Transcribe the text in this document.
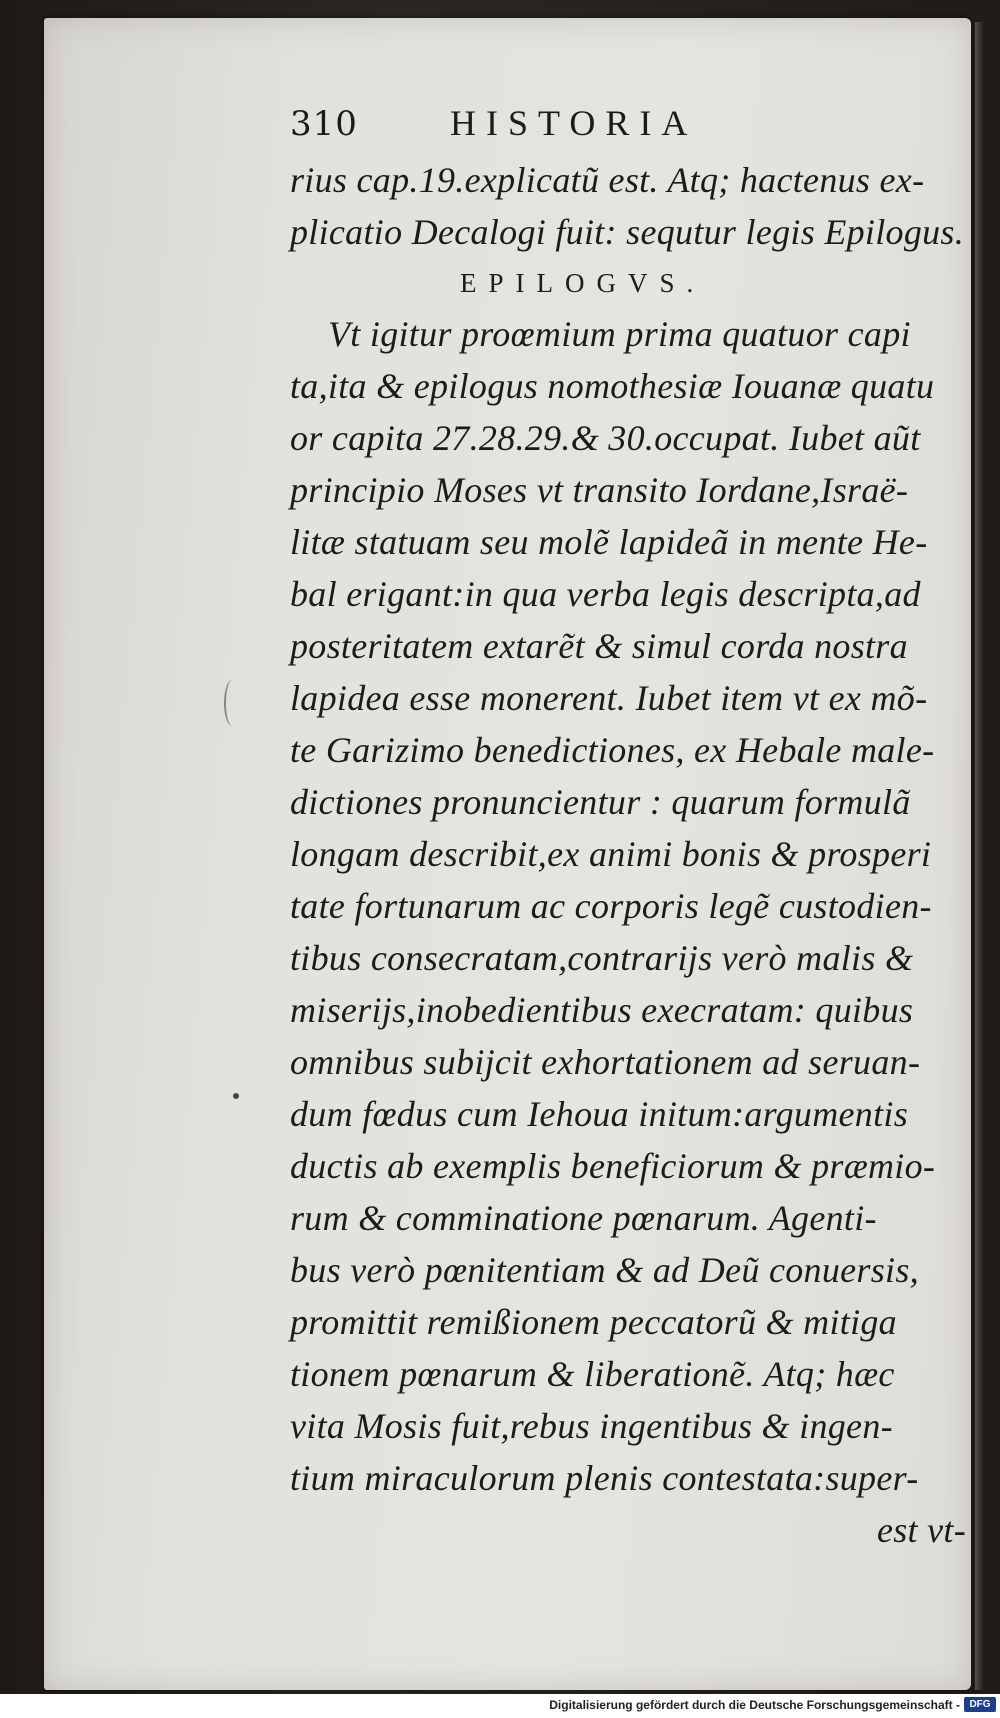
310	HISTORIA
rius cap.19.explicatũ est. Atq; hactenus ex-
plicatio Decalogi fuit: sequtur legis Epilogus.
EPILOGVS.
Vt igitur proœmium prima quatuor capi
ta,ita & epilogus nomothesiæ Iouanæ quatu
or capita 27.28.29.& 30.occupat. Iubet aũt
principio Moses vt transito Iordane,Israë-
litæ statuam seu molẽ lapideã in mente He-
bal erigant:in qua verba legis descripta,ad
posteritatem extarẽt & simul corda nostra
lapidea esse monerent. Iubet item vt ex mõ-
te Garizimo benedictiones, ex Hebale male-
dictiones pronuncientur : quarum formulã
longam describit,ex animi bonis & prosperi
tate fortunarum ac corporis legẽ custodien-
tibus consecratam,contrarijs verò malis &
miserijs,inobedientibus execratam: quibus
omnibus subijcit exhortationem ad seruan-
dum fœdus cum Iehoua initum:argumentis
ductis ab exemplis beneficiorum & præmio-
rum & comminatione pœnarum. Agenti-
bus verò pœnitentiam & ad Deũ conuersis,
promittit remißionem peccatorũ & mitiga
tionem pœnarum & liberationẽ. Atq; hæc
vita Mosis fuit,rebus ingentibus & ingen-
tium miraculorum plenis contestata:super-
est vt-
Digitalisierung gefördert durch die Deutsche Forschungsgemeinschaft - DFG
